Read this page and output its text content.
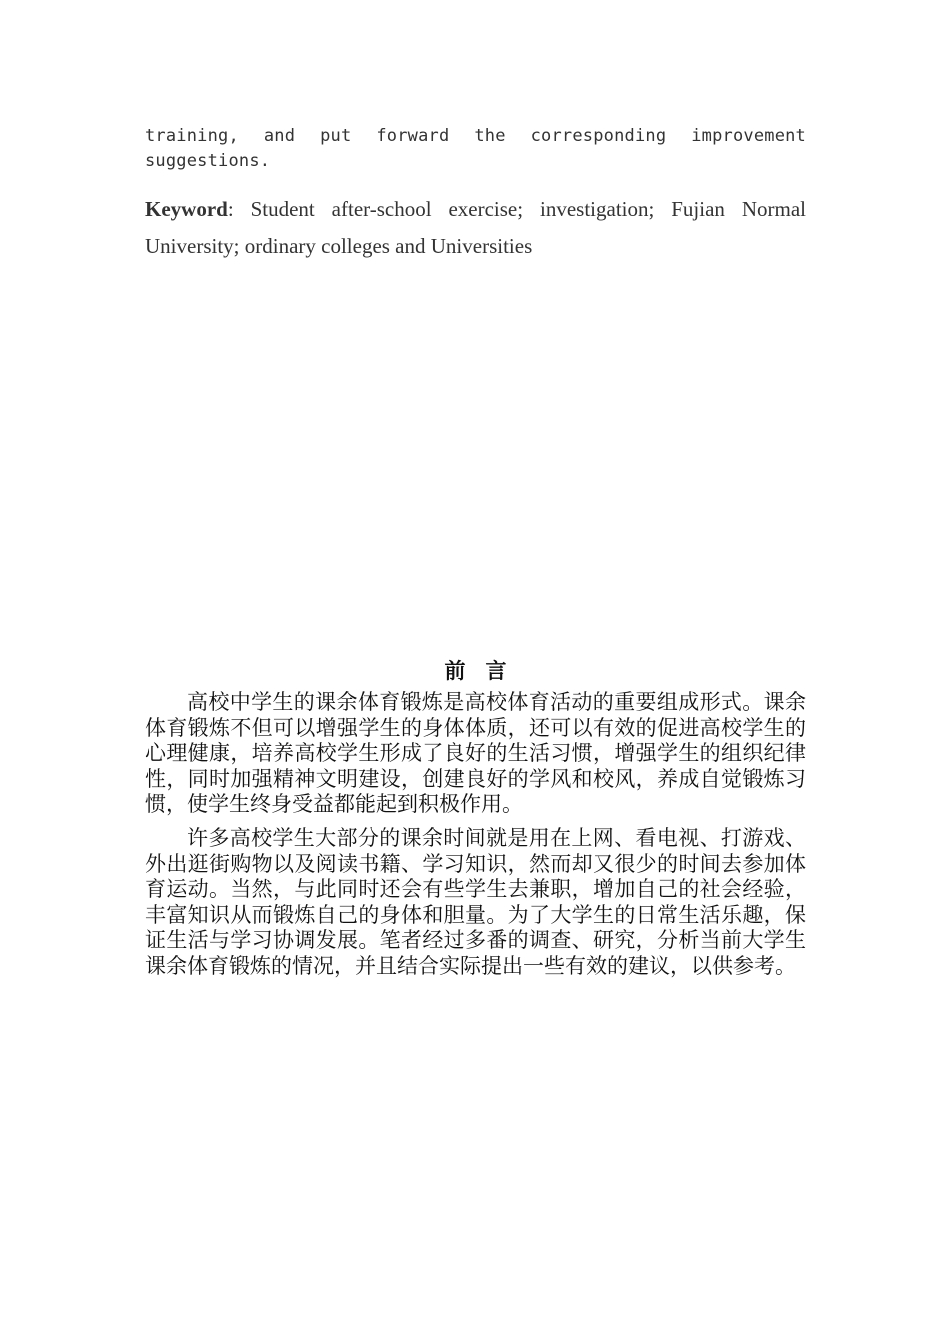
training, and put forward the corresponding improvement suggestions.

Keyword: Student after-school exercise; investigation; Fujian Normal University; ordinary colleges and Universities

前言

高校中学生的课余体育锻炼是高校体育活动的重要组成形式。课余体育锻炼不但可以增强学生的身体体质，还可以有效的促进高校学生的心理健康，培养高校学生形成了良好的生活习惯，增强学生的组织纪律性，同时加强精神文明建设，创建良好的学风和校风，养成自觉锻炼习惯，使学生终身受益都能起到积极作用。

许多高校学生大部分的课余时间就是用在上网、看电视、打游戏、外出逛街购物以及阅读书籍、学习知识，然而却又很少的时间去参加体育运动。当然，与此同时还会有些学生去兼职，增加自己的社会经验，丰富知识从而锻炼自己的身体和胆量。为了大学生的日常生活乐趣，保证生活与学习协调发展。笔者经过多番的调查、研究，分析当前大学生课余体育锻炼的情况，并且结合实际提出一些有效的建议，以供参考。
